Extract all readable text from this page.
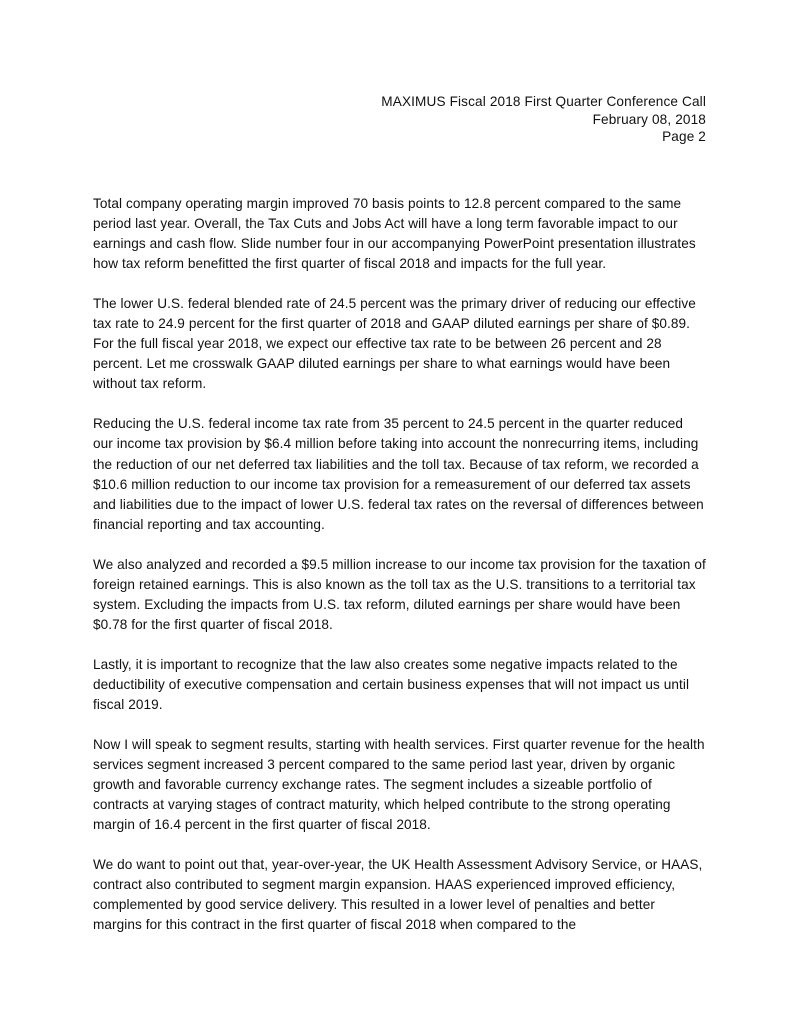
MAXIMUS Fiscal 2018 First Quarter Conference Call
February 08, 2018
Page 2

Total company operating margin improved 70 basis points to 12.8 percent compared to the same period last year. Overall, the Tax Cuts and Jobs Act will have a long term favorable impact to our earnings and cash flow. Slide number four in our accompanying PowerPoint presentation illustrates how tax reform benefitted the first quarter of fiscal 2018 and impacts for the full year.

The lower U.S. federal blended rate of 24.5 percent was the primary driver of reducing our effective tax rate to 24.9 percent for the first quarter of 2018 and GAAP diluted earnings per share of $0.89. For the full fiscal year 2018, we expect our effective tax rate to be between 26 percent and 28 percent. Let me crosswalk GAAP diluted earnings per share to what earnings would have been without tax reform.

Reducing the U.S. federal income tax rate from 35 percent to 24.5 percent in the quarter reduced our income tax provision by $6.4 million before taking into account the nonrecurring items, including the reduction of our net deferred tax liabilities and the toll tax. Because of tax reform, we recorded a $10.6 million reduction to our income tax provision for a remeasurement of our deferred tax assets and liabilities due to the impact of lower U.S. federal tax rates on the reversal of differences between financial reporting and tax accounting.

We also analyzed and recorded a $9.5 million increase to our income tax provision for the taxation of foreign retained earnings. This is also known as the toll tax as the U.S. transitions to a territorial tax system. Excluding the impacts from U.S. tax reform, diluted earnings per share would have been $0.78 for the first quarter of fiscal 2018.

Lastly, it is important to recognize that the law also creates some negative impacts related to the deductibility of executive compensation and certain business expenses that will not impact us until fiscal 2019.

Now I will speak to segment results, starting with health services. First quarter revenue for the health services segment increased 3 percent compared to the same period last year, driven by organic growth and favorable currency exchange rates. The segment includes a sizeable portfolio of contracts at varying stages of contract maturity, which helped contribute to the strong operating margin of 16.4 percent in the first quarter of fiscal 2018.

We do want to point out that, year-over-year, the UK Health Assessment Advisory Service, or HAAS, contract also contributed to segment margin expansion. HAAS experienced improved efficiency, complemented by good service delivery. This resulted in a lower level of penalties and better margins for this contract in the first quarter of fiscal 2018 when compared to the
